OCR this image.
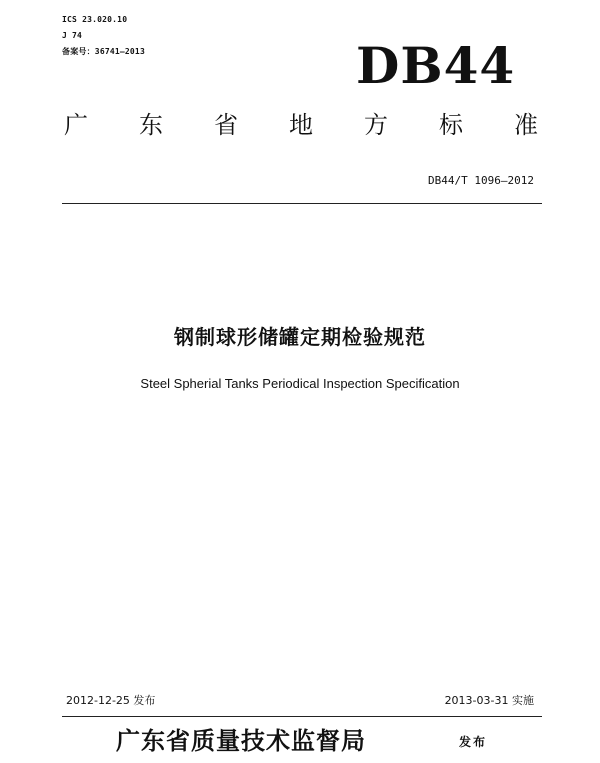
ICS 23.020.10
J 74
备案号：36741—2013	DB44
广 东 省 地 方 标 准
DB44/T 1096—2012
钢制球形储罐定期检验规范
Steel Spherial Tanks Periodical Inspection Specification
2012-12-25 发布	2013-03-31 实施
广东省质量技术监督局	发布
